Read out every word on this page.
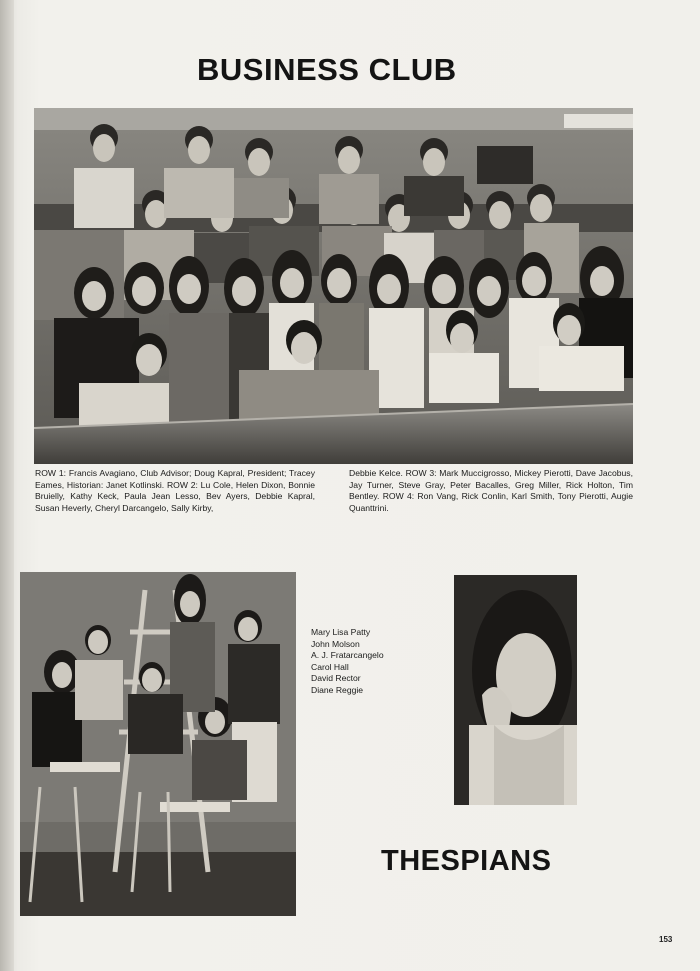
BUSINESS CLUB
ROW 1: Francis Avagiano, Club Advisor; Doug Kapral, President; Tracey Eames, Historian: Janet Kotlinski. ROW 2: Lu Cole, Helen Dixon, Bonnie Bruielly, Kathy Keck, Paula Jean Lesso, Bev Ayers, Debbie Kapral, Susan Heverly, Cheryl Darcangelo, Sally Kirby,
Debbie Kelce. ROW 3: Mark Muccigrosso, Mickey Pierotti, Dave Jacobus, Jay Turner, Steve Gray, Peter Bacalles, Greg Miller, Rick Holton, Tim Bentley. ROW 4: Ron Vang, Rick Conlin, Karl Smith, Tony Pierotti, Augie Quanttrini.
Mary Lisa Patty
John Molson
A. J. Fratarcangelo
Carol Hall
David Rector
Diane Reggie
THESPIANS
153
